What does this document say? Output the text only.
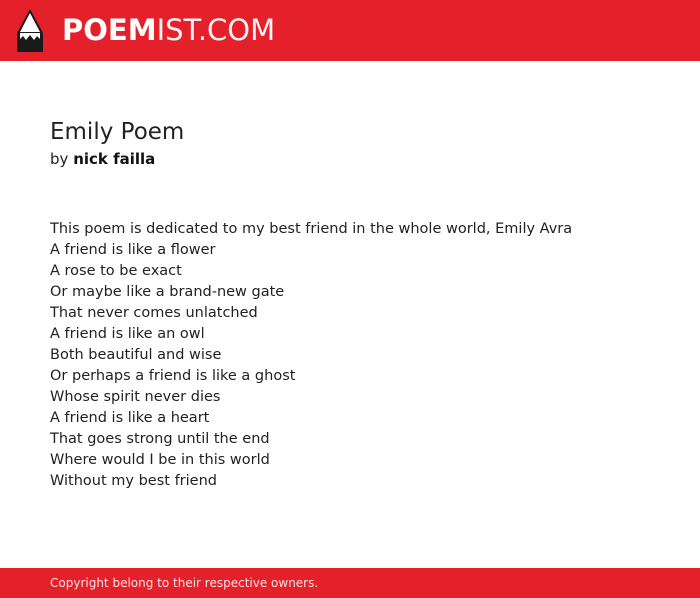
POEMIST.COM
Emily Poem

by nick failla

This poem is dedicated to my best friend in the whole world, Emily Avra
A friend is like a flower
A rose to be exact
Or maybe like a brand-new gate
That never comes unlatched
A friend is like an owl
Both beautiful and wise
Or perhaps a friend is like a ghost
Whose spirit never dies
A friend is like a heart
That goes strong until the end
Where would I be in this world
Without my best friend
Copyright belong to their respective owners.
